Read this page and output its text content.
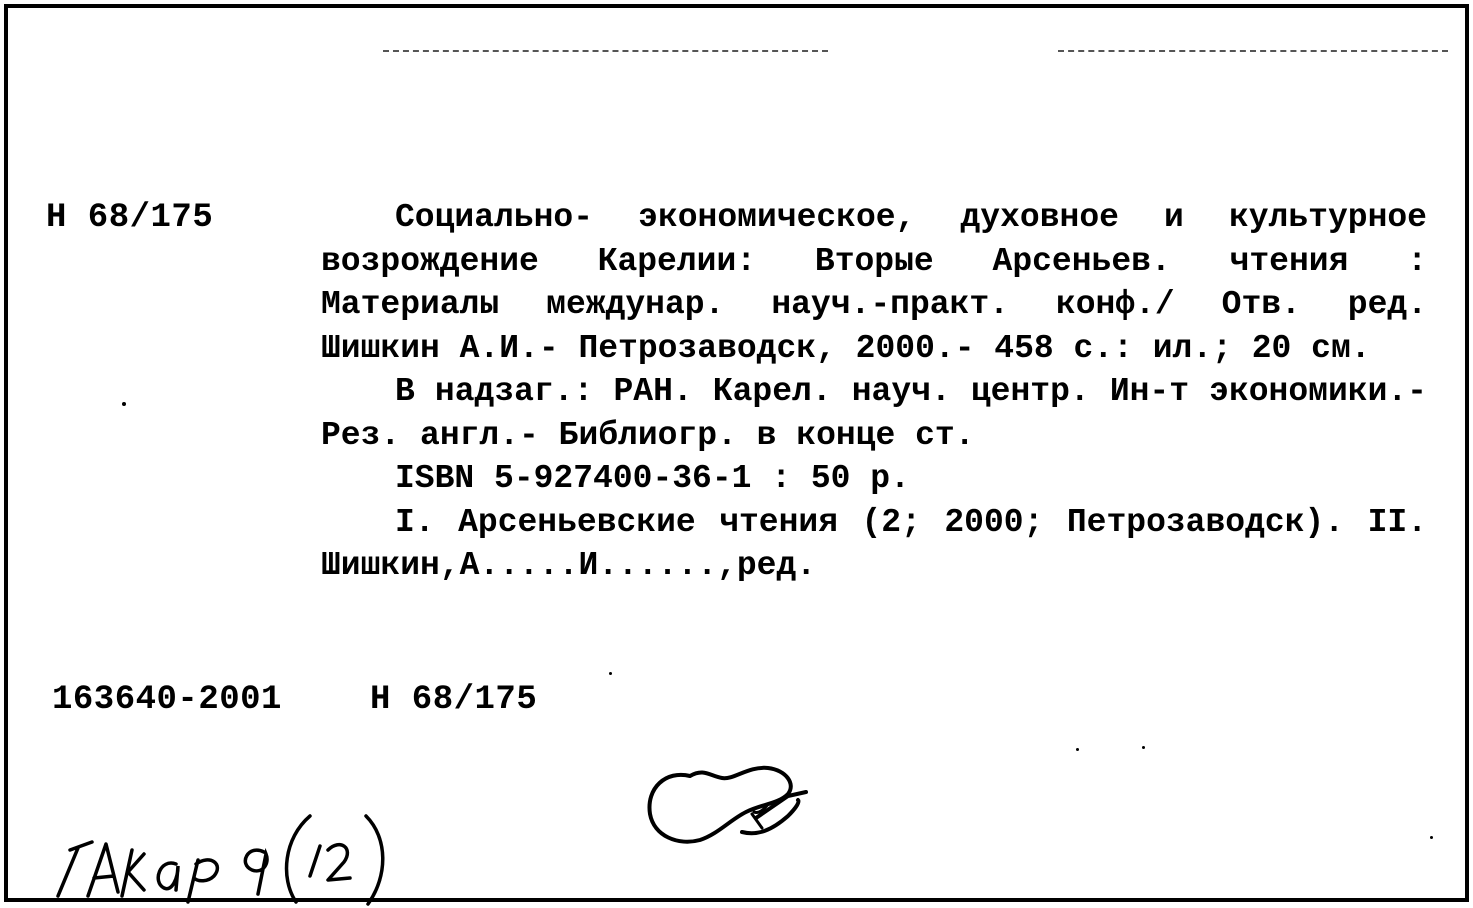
Н 68/175	Социально- экономическое, духовное и культурное возрождение Карелии: Вторые Арсеньев. чтения : Материалы междунар. науч.-практ. конф./ Отв. ред. Шишкин А.И.- Петрозаводск, 2000.- 458 с.: ил.; 20 см.

В надзаг.: РАН. Карел. науч. центр. Ин-т экономики.- Рез. англ.- Библиогр. в конце ст.

ISBN 5-927400-36-1 : 50 р.

I. Арсеньевские чтения (2; 2000; Петрозаводск). II. Шишкин,А.....И......,ред.

163640-2001	Н 68/175
